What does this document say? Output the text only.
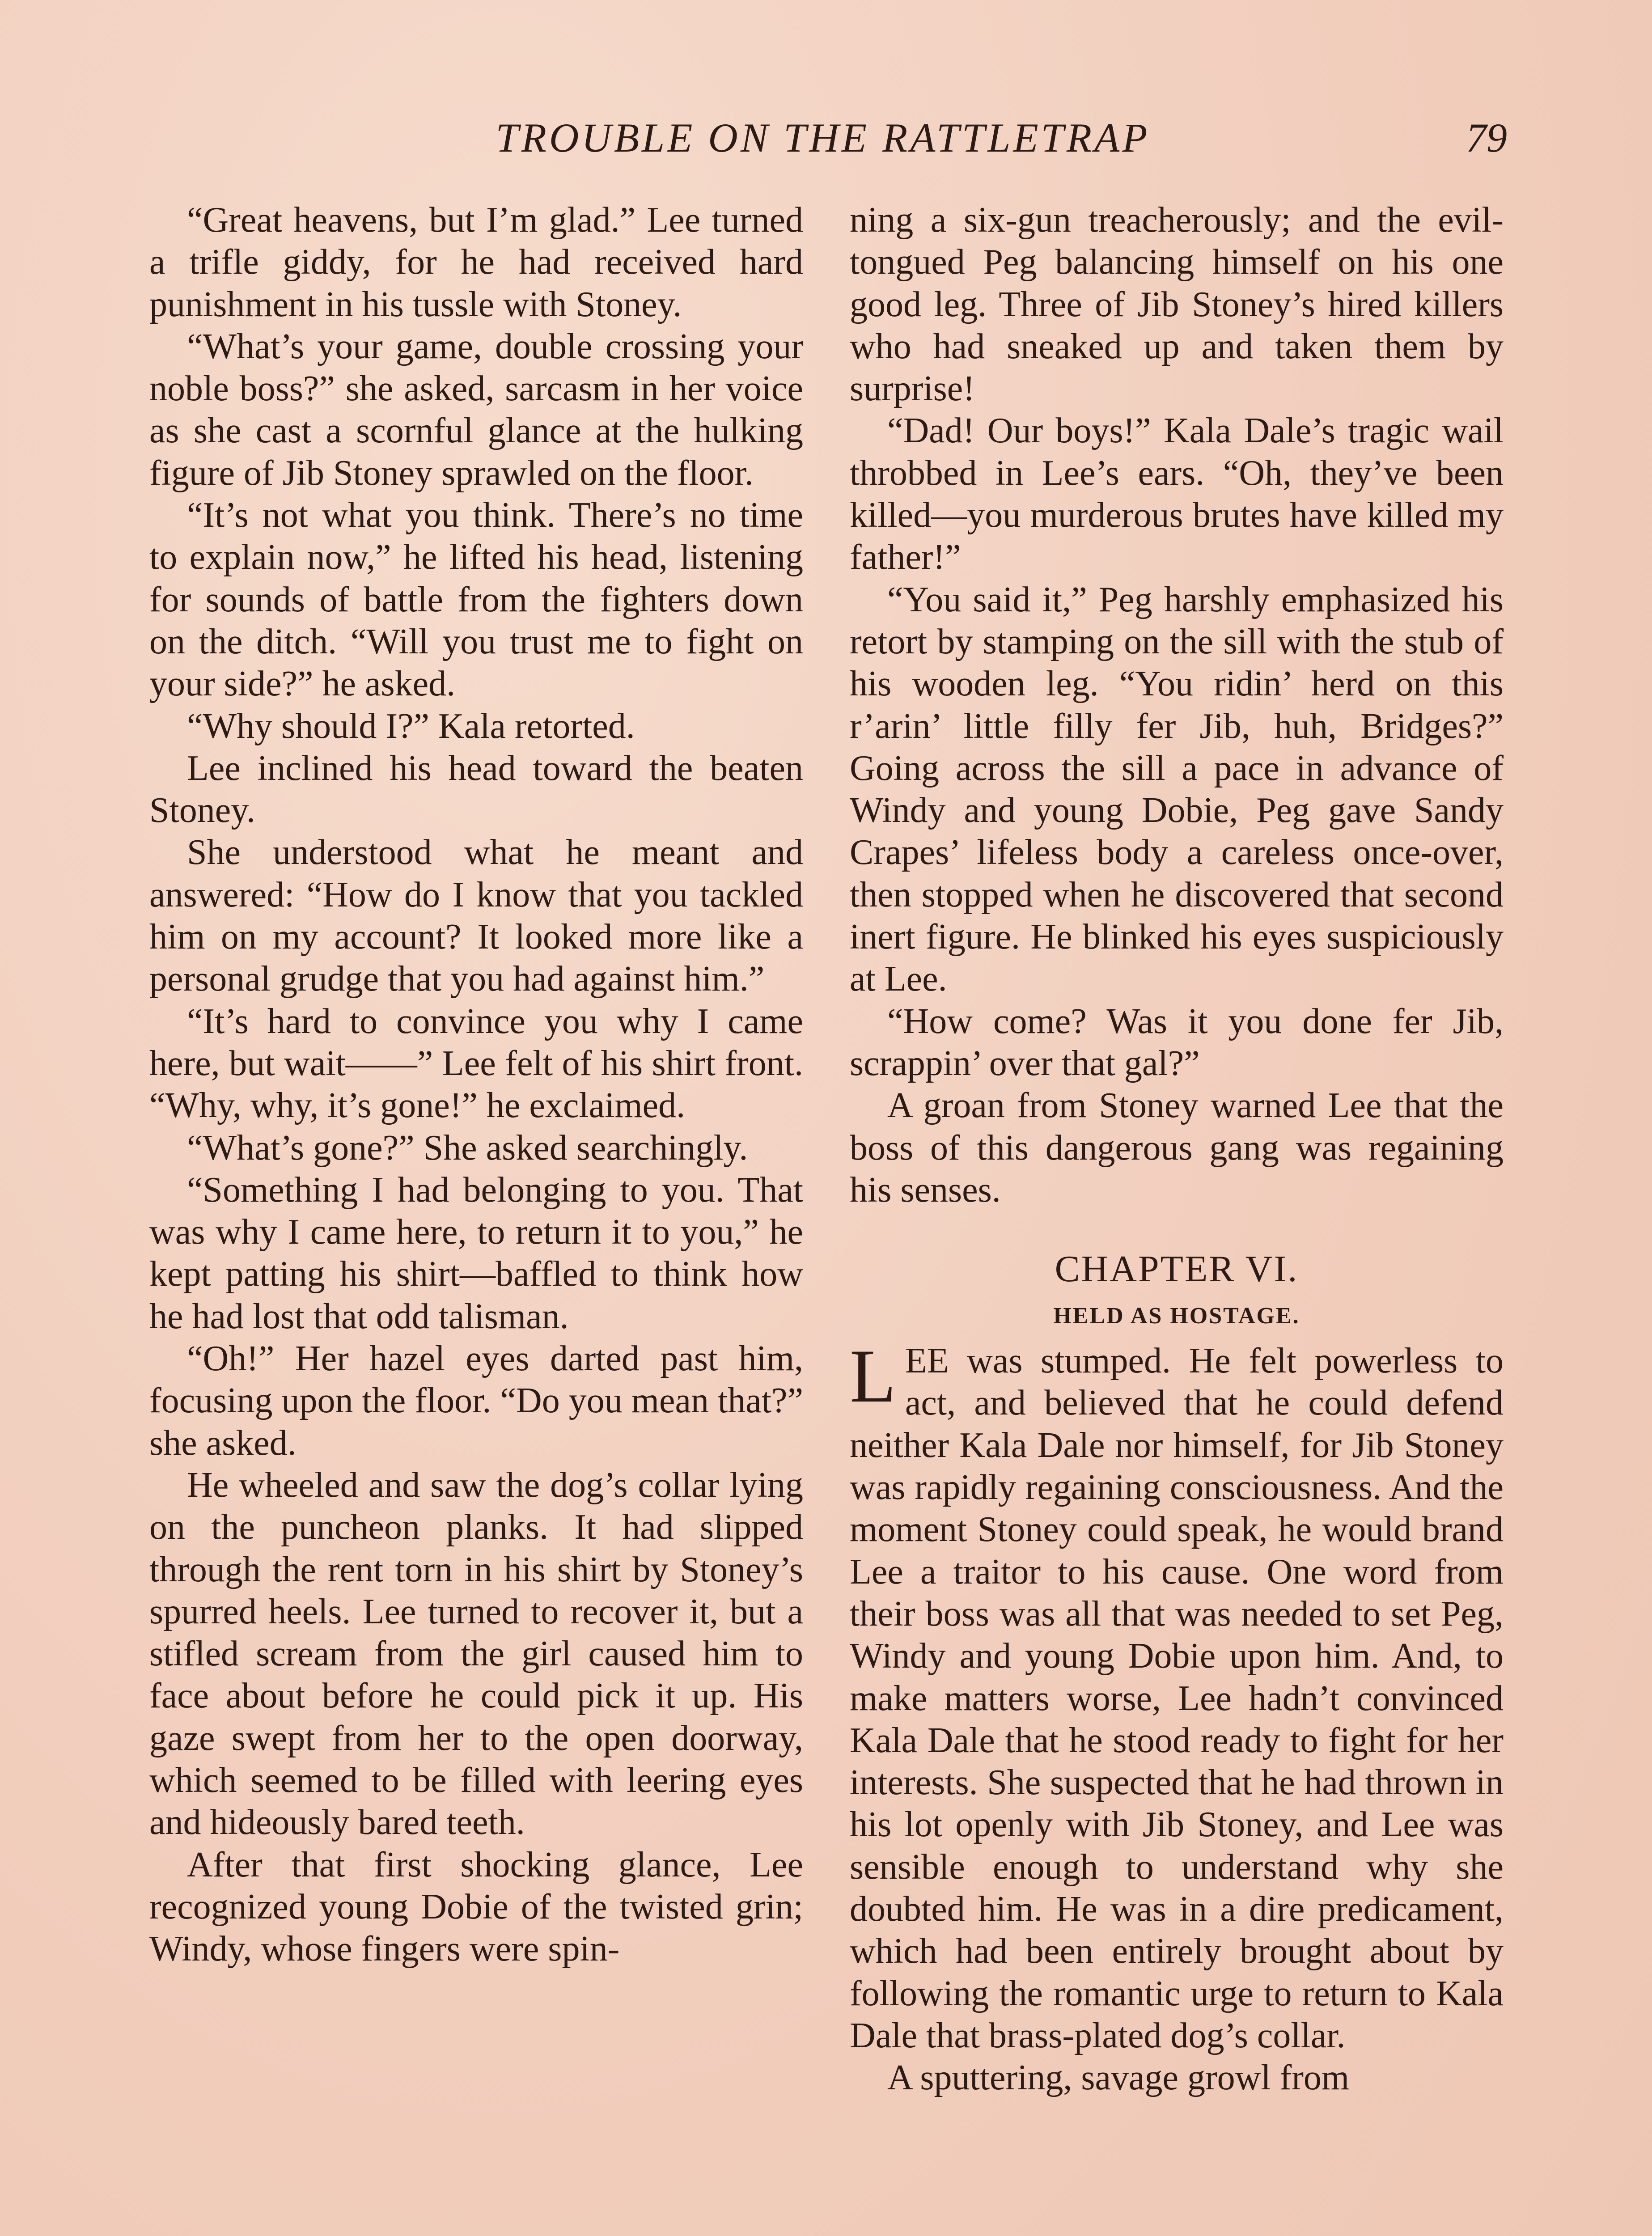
TROUBLE ON THE RATTLETRAP	79

“Great heavens, but I’m glad.” Lee turned a trifle giddy, for he had received hard punishment in his tussle with Stoney.

“What’s your game, double crossing your noble boss?” she asked, sarcasm in her voice as she cast a scornful glance at the hulking figure of Jib Stoney sprawled on the floor.

“It’s not what you think. There’s no time to explain now,” he lifted his head, listening for sounds of battle from the fighters down on the ditch. “Will you trust me to fight on your side?” he asked.

“Why should I?” Kala retorted.

Lee inclined his head toward the beaten Stoney.

She understood what he meant and answered: “How do I know that you tackled him on my account? It looked more like a personal grudge that you had against him.”

“It’s hard to convince you why I came here, but wait——” Lee felt of his shirt front. “Why, why, it’s gone!” he exclaimed.

“What’s gone?” She asked searchingly.

“Something I had belonging to you. That was why I came here, to return it to you,” he kept patting his shirt—baffled to think how he had lost that odd talisman.

“Oh!” Her hazel eyes darted past him, focusing upon the floor. “Do you mean that?” she asked.

He wheeled and saw the dog’s collar lying on the puncheon planks. It had slipped through the rent torn in his shirt by Stoney’s spurred heels. Lee turned to recover it, but a stifled scream from the girl caused him to face about before he could pick it up. His gaze swept from her to the open doorway, which seemed to be filled with leering eyes and hideously bared teeth.

After that first shocking glance, Lee recognized young Dobie of the twisted grin; Windy, whose fingers were spin-

ning a six-gun treacherously; and the evil-tongued Peg balancing himself on his one good leg. Three of Jib Stoney’s hired killers who had sneaked up and taken them by surprise!

“Dad! Our boys!” Kala Dale’s tragic wail throbbed in Lee’s ears. “Oh, they’ve been killed—you murderous brutes have killed my father!”

“You said it,” Peg harshly emphasized his retort by stamping on the sill with the stub of his wooden leg. “You ridin’ herd on this r’arin’ little filly fer Jib, huh, Bridges?” Going across the sill a pace in advance of Windy and young Dobie, Peg gave Sandy Crapes’ lifeless body a careless once-over, then stopped when he discovered that second inert figure. He blinked his eyes suspiciously at Lee.

“How come? Was it you done fer Jib, scrappin’ over that gal?”

A groan from Stoney warned Lee that the boss of this dangerous gang was regaining his senses.

CHAPTER VI.
HELD AS HOSTAGE.

LEE was stumped. He felt powerless to act, and believed that he could defend neither Kala Dale nor himself, for Jib Stoney was rapidly regaining consciousness. And the moment Stoney could speak, he would brand Lee a traitor to his cause. One word from their boss was all that was needed to set Peg, Windy and young Dobie upon him. And, to make matters worse, Lee hadn’t convinced Kala Dale that he stood ready to fight for her interests. She suspected that he had thrown in his lot openly with Jib Stoney, and Lee was sensible enough to understand why she doubted him. He was in a dire predicament, which had been entirely brought about by following the romantic urge to return to Kala Dale that brass-plated dog’s collar.

A sputtering, savage growl from
